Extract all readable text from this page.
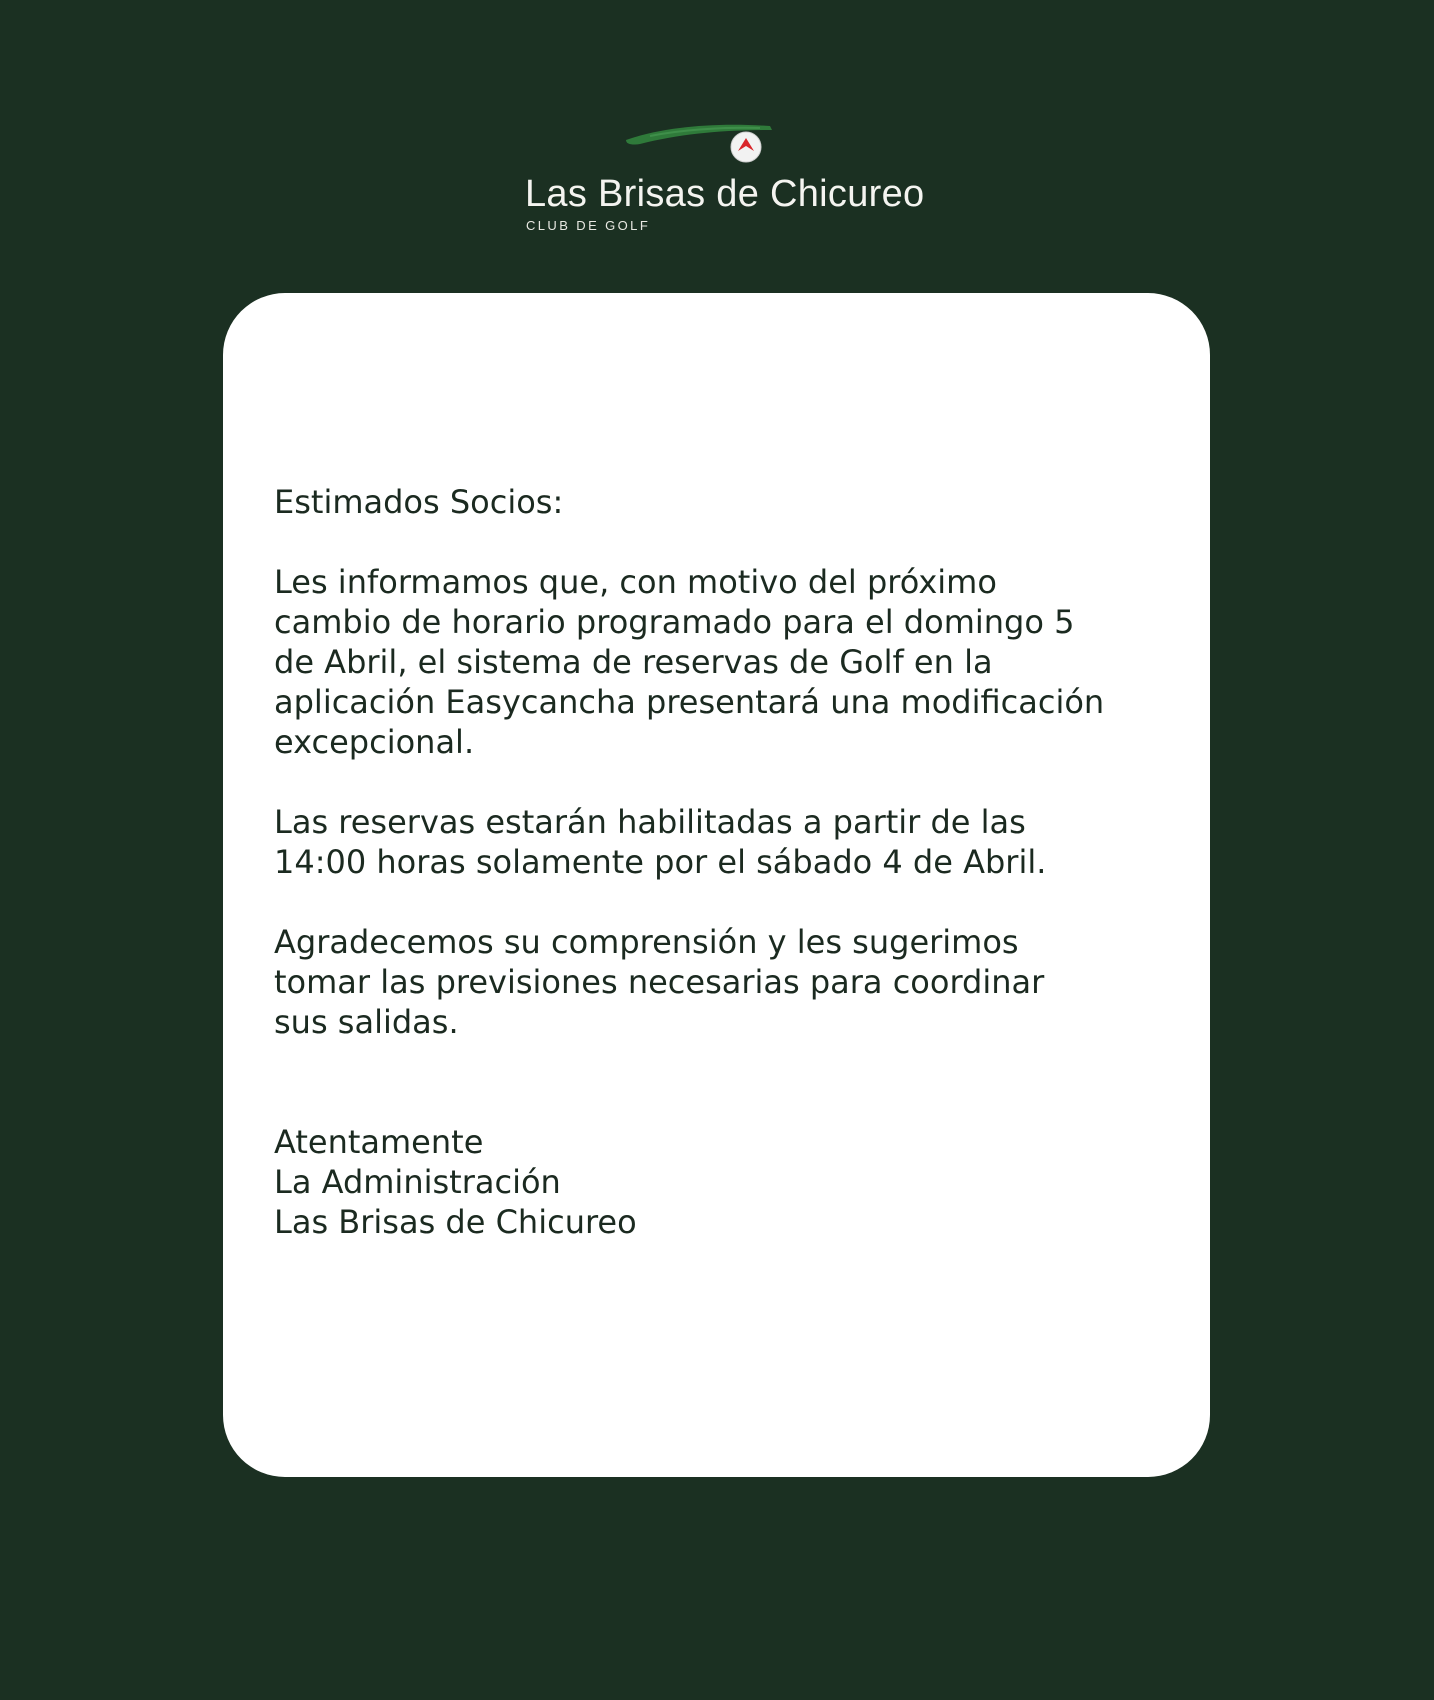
Las Brisas de Chicureo
CLUB DE GOLF

Estimados Socios:

Les informamos que, con motivo del próximo
cambio de horario programado para el domingo 5
de Abril, el sistema de reservas de Golf en la
aplicación Easycancha presentará una modificación
excepcional.

Las reservas estarán habilitadas a partir de las
14:00 horas solamente por el sábado 4 de Abril.

Agradecemos su comprensión y les sugerimos
tomar las previsiones necesarias para coordinar
sus salidas.

Atentamente
La Administración
Las Brisas de Chicureo
